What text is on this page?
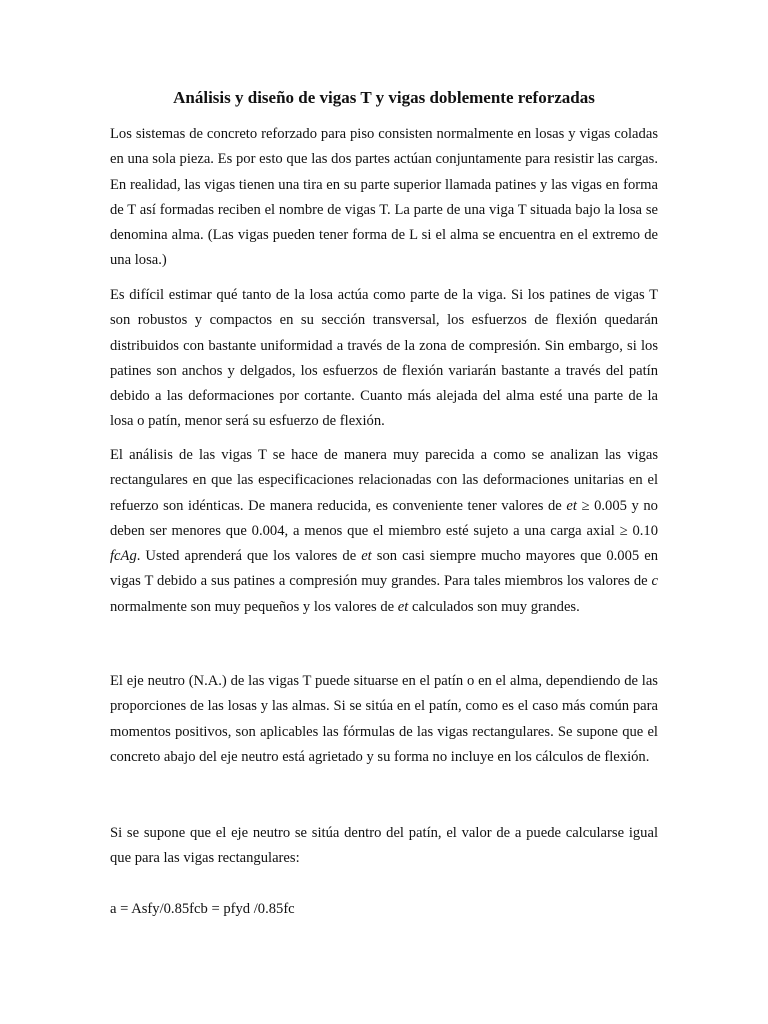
Análisis y diseño de vigas T y vigas doblemente reforzadas

Los sistemas de concreto reforzado para piso consisten normalmente en losas y vigas coladas en una sola pieza. Es por esto que las dos partes actúan conjuntamente para resistir las cargas. En realidad, las vigas tienen una tira en su parte superior llamada patines y las vigas en forma de T así formadas reciben el nombre de vigas T. La parte de una viga T situada bajo la losa se denomina alma. (Las vigas pueden tener forma de L si el alma se encuentra en el extremo de una losa.)

Es difícil estimar qué tanto de la losa actúa como parte de la viga. Si los patines de vigas T son robustos y compactos en su sección transversal, los esfuerzos de flexión quedarán distribuidos con bastante uniformidad a través de la zona de compresión. Sin embargo, si los patines son anchos y delgados, los esfuerzos de flexión variarán bastante a través del patín debido a las deformaciones por cortante. Cuanto más alejada del alma esté una parte de la losa o patín, menor será su esfuerzo de flexión.

El análisis de las vigas T se hace de manera muy parecida a como se analizan las vigas rectangulares en que las especificaciones relacionadas con las deformaciones unitarias en el refuerzo son idénticas. De manera reducida, es conveniente tener valores de et ≥ 0.005 y no deben ser menores que 0.004, a menos que el miembro esté sujeto a una carga axial ≥ 0.10 fcAg. Usted aprenderá que los valores de et son casi siempre mucho mayores que 0.005 en vigas T debido a sus patines a compresión muy grandes. Para tales miembros los valores de c normalmente son muy pequeños y los valores de et calculados son muy grandes.

El eje neutro (N.A.) de las vigas T puede situarse en el patín o en el alma, dependiendo de las proporciones de las losas y las almas. Si se sitúa en el patín, como es el caso más común para momentos positivos, son aplicables las fórmulas de las vigas rectangulares. Se supone que el concreto abajo del eje neutro está agrietado y su forma no incluye en los cálculos de flexión.

Si se supone que el eje neutro se sitúa dentro del patín, el valor de a puede calcularse igual que para las vigas rectangulares:

a = Asfy/0.85fcb = pfyd /0.85fc
